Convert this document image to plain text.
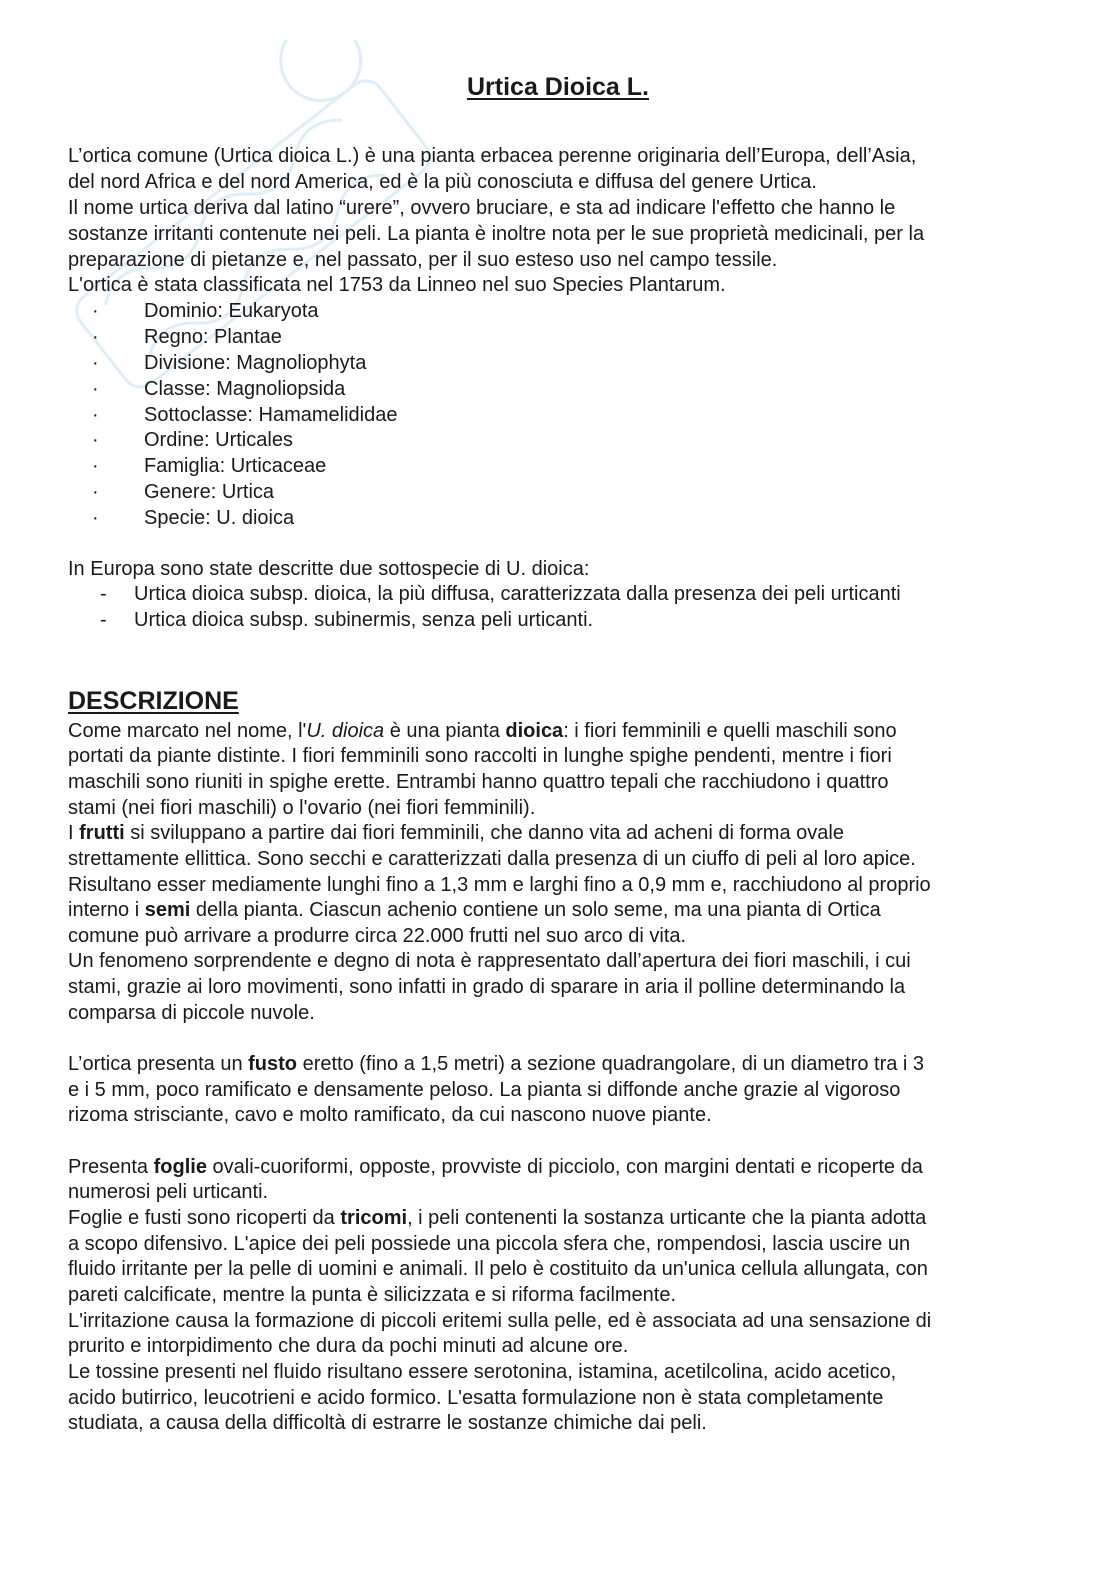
Urtica Dioica L.
L’ortica comune (Urtica dioica L.) è una pianta erbacea perenne originaria dell’Europa, dell’Asia,
del nord Africa e del nord America, ed è la più conosciuta e diffusa del genere Urtica.
Il nome urtica deriva dal latino “urere”, ovvero bruciare, e sta ad indicare l'effetto che hanno le
sostanze irritanti contenute nei peli. La pianta è inoltre nota per le sue proprietà medicinali, per la
preparazione di pietanze e, nel passato, per il suo esteso uso nel campo tessile.
L'ortica è stata classificata nel 1753 da Linneo nel suo Species Plantarum.
· Dominio: Eukaryota
· Regno: Plantae
· Divisione: Magnoliophyta
· Classe: Magnoliopsida
· Sottoclasse: Hamamelididae
· Ordine: Urticales
· Famiglia: Urticaceae
· Genere: Urtica
· Specie: U. dioica
In Europa sono state descritte due sottospecie di U. dioica:
- Urtica dioica subsp. dioica, la più diffusa, caratterizzata dalla presenza dei peli urticanti
- Urtica dioica subsp. subinermis, senza peli urticanti.
DESCRIZIONE
Come marcato nel nome, l'U. dioica è una pianta dioica: i fiori femminili e quelli maschili sono
portati da piante distinte. I fiori femminili sono raccolti in lunghe spighe pendenti, mentre i fiori
maschili sono riuniti in spighe erette. Entrambi hanno quattro tepali che racchiudono i quattro
stami (nei fiori maschili) o l'ovario (nei fiori femminili).
I frutti si sviluppano a partire dai fiori femminili, che danno vita ad acheni di forma ovale
strettamente ellittica. Sono secchi e caratterizzati dalla presenza di un ciuffo di peli al loro apice.
Risultano esser mediamente lunghi fino a 1,3 mm e larghi fino a 0,9 mm e, racchiudono al proprio
interno i semi della pianta. Ciascun achenio contiene un solo seme, ma una pianta di Ortica
comune può arrivare a produrre circa 22.000 frutti nel suo arco di vita.
Un fenomeno sorprendente e degno di nota è rappresentato dall’apertura dei fiori maschili, i cui
stami, grazie ai loro movimenti, sono infatti in grado di sparare in aria il polline determinando la
comparsa di piccole nuvole.
L’ortica presenta un fusto eretto (fino a 1,5 metri) a sezione quadrangolare, di un diametro tra i 3
e i 5 mm, poco ramificato e densamente peloso. La pianta si diffonde anche grazie al vigoroso
rizoma strisciante, cavo e molto ramificato, da cui nascono nuove piante.
Presenta foglie ovali-cuoriformi, opposte, provviste di picciolo, con margini dentati e ricoperte da
numerosi peli urticanti.
Foglie e fusti sono ricoperti da tricomi, i peli contenenti la sostanza urticante che la pianta adotta
a scopo difensivo. L'apice dei peli possiede una piccola sfera che, rompendosi, lascia uscire un
fluido irritante per la pelle di uomini e animali. Il pelo è costituito da un'unica cellula allungata, con
pareti calcificate, mentre la punta è silicizzata e si riforma facilmente.
L'irritazione causa la formazione di piccoli eritemi sulla pelle, ed è associata ad una sensazione di
prurito e intorpidimento che dura da pochi minuti ad alcune ore.
Le tossine presenti nel fluido risultano essere serotonina, istamina, acetilcolina, acido acetico,
acido butirrico, leucotrieni e acido formico. L'esatta formulazione non è stata completamente
studiata, a causa della difficoltà di estrarre le sostanze chimiche dai peli.
